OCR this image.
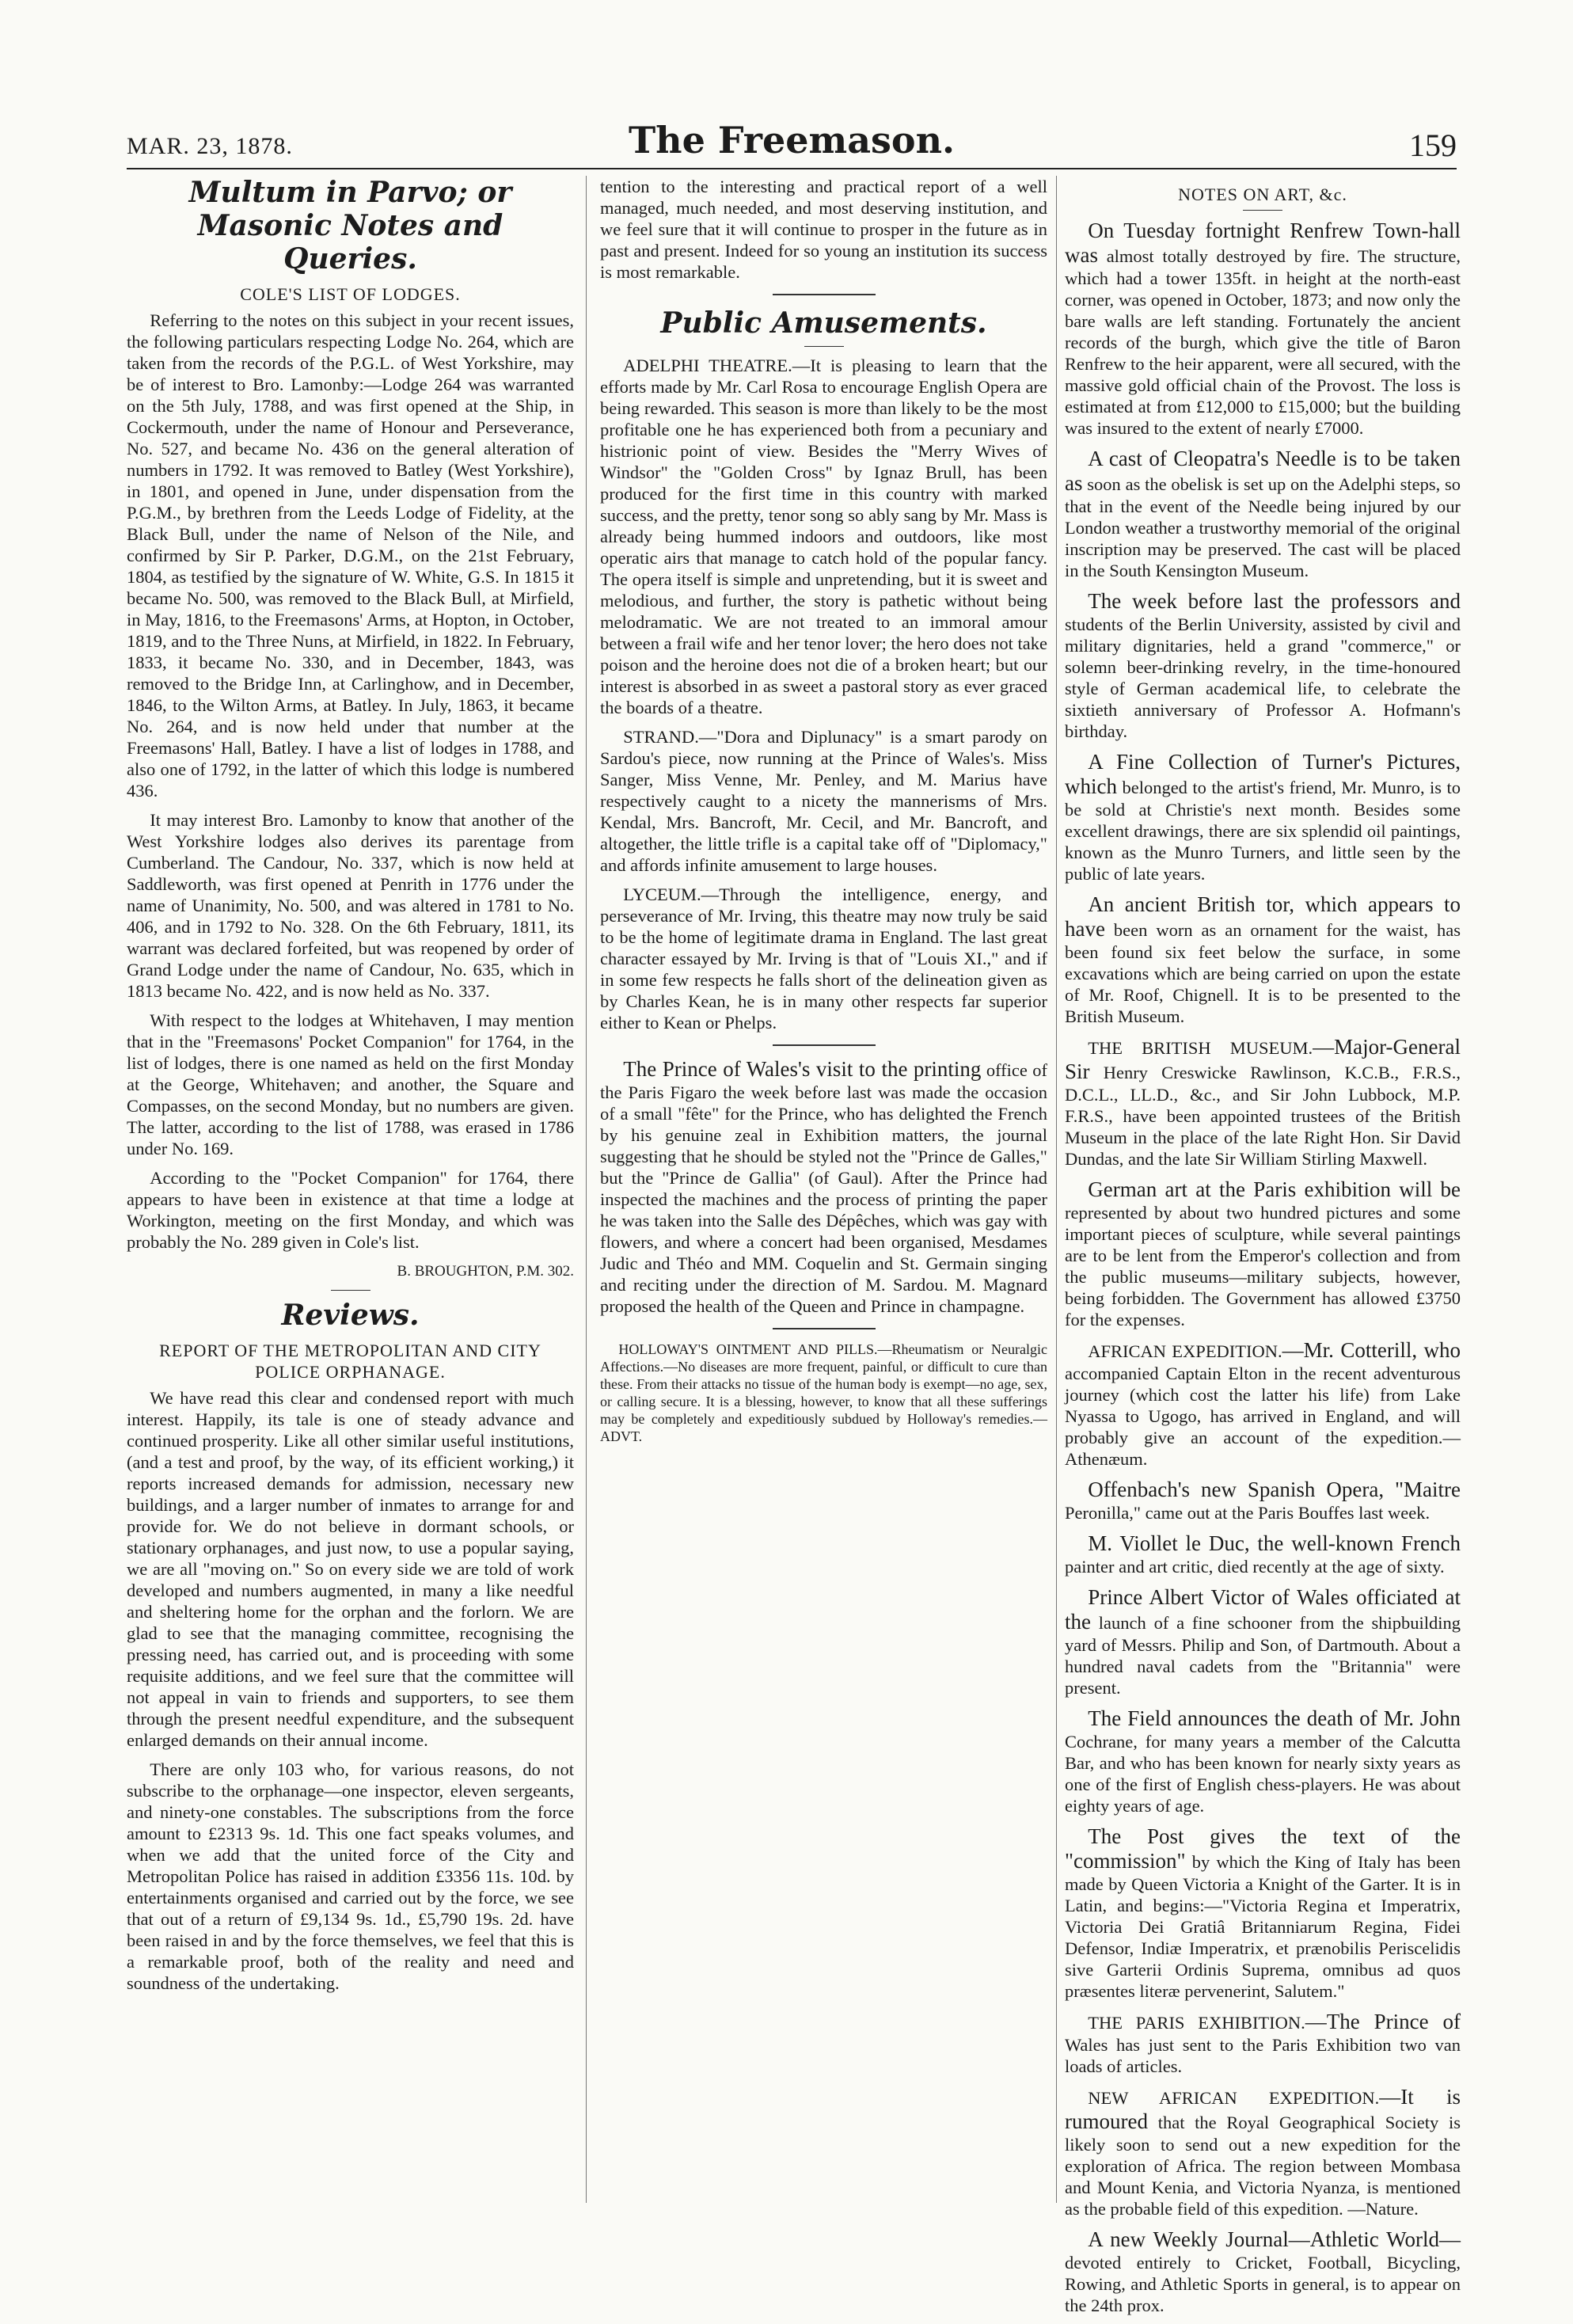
MAR. 23, 1878.	The Freemason.	159
Multum in Parvo; or Masonic Notes and Queries.
COLE'S LIST OF LODGES.

Referring to the notes on this subject in your recent issues, the following particulars respecting Lodge No. 264, which are taken from the records of the P.G.L. of West Yorkshire, may be of interest to Bro. Lamonby:—Lodge 264 was warranted on the 5th July, 1788, and was first opened at the Ship, in Cockermouth, under the name of Honour and Perseverance, No. 527, and became No. 436 on the general alteration of numbers in 1792. It was removed to Batley (West Yorkshire), in 1801, and opened in June, under dispensation from the P.G.M., by brethren from the Leeds Lodge of Fidelity, at the Black Bull, under the name of Nelson of the Nile, and confirmed by Sir P. Parker, D.G.M., on the 21st February, 1804, as testified by the signature of W. White, G.S. In 1815 it became No. 500, was removed to the Black Bull, at Mirfield, in May, 1816, to the Freemasons' Arms, at Hopton, in October, 1819, and to the Three Nuns, at Mirfield, in 1822. In February, 1833, it became No. 330, and in December, 1843, was removed to the Bridge Inn, at Carlinghow, and in December, 1846, to the Wilton Arms, at Batley. In July, 1863, it became No. 264, and is now held under that number at the Freemasons' Hall, Batley. I have a list of lodges in 1788, and also one of 1792, in the latter of which this lodge is numbered 436.

It may interest Bro. Lamonby to know that another of the West Yorkshire lodges also derives its parentage from Cumberland. The Candour, No. 337, which is now held at Saddleworth, was first opened at Penrith in 1776 under the name of Unanimity, No. 500, and was altered in 1781 to No. 406, and in 1792 to No. 328. On the 6th February, 1811, its warrant was declared forfeited, but was reopened by order of Grand Lodge under the name of Candour, No. 635, which in 1813 became No. 422, and is now held as No. 337.

With respect to the lodges at Whitehaven, I may mention that in the "Freemasons' Pocket Companion" for 1764, in the list of lodges, there is one named as held on the first Monday at the George, Whitehaven; and another, the Square and Compasses, on the second Monday, but no numbers are given. The latter, according to the list of 1788, was erased in 1786 under No. 169.

According to the "Pocket Companion" for 1764, there appears to have been in existence at that time a lodge at Workington, meeting on the first Monday, and which was probably the No. 289 given in Cole's list.

B. BROUGHTON, P.M. 302.

Reviews.
REPORT OF THE METROPOLITAN AND CITY POLICE ORPHANAGE.

We have read this clear and condensed report with much interest. Happily, its tale is one of steady advance and continued prosperity. Like all other similar useful institutions, (and a test and proof, by the way, of its efficient working,) it reports increased demands for admission, necessary new buildings, and a larger number of inmates to arrange for and provide for. We do not believe in dormant schools, or stationary orphanages, and just now, to use a popular saying, we are all "moving on." So on every side we are told of work developed and numbers augmented, in many a like needful and sheltering home for the orphan and the forlorn. We are glad to see that the managing committee, recognising the pressing need, has carried out, and is proceeding with some requisite additions, and we feel sure that the committee will not appeal in vain to friends and supporters, to see them through the present needful expenditure, and the subsequent enlarged demands on their annual income.

There are only 103 who, for various reasons, do not subscribe to the orphanage—one inspector, eleven sergeants, and ninety-one constables. The subscriptions from the force amount to £2313 9s. 1d. This one fact speaks volumes, and when we add that the united force of the City and Metropolitan Police has raised in addition £3356 11s. 10d. by entertainments organised and carried out by the force, we see that out of a return of £9,134 9s. 1d., £5,790 19s. 2d. have been raised in and by the force themselves, we feel that this is a remarkable proof, both of the reality and need and soundness of the undertaking.

tention to the interesting and practical report of a well managed, much needed, and most deserving institution, and we feel sure that it will continue to prosper in the future as in past and present. Indeed for so young an institution its success is most remarkable.

Public Amusements.

ADELPHI THEATRE.—It is pleasing to learn that the efforts made by Mr. Carl Rosa to encourage English Opera are being rewarded. This season is more than likely to be the most profitable one he has experienced both from a pecuniary and histrionic point of view. Besides the "Merry Wives of Windsor" the "Golden Cross" by Ignaz Brull, has been produced for the first time in this country with marked success, and the pretty, tenor song so ably sang by Mr. Mass is already being hummed indoors and outdoors, like most operatic airs that manage to catch hold of the popular fancy. The opera itself is simple and unpretending, but it is sweet and melodious, and further, the story is pathetic without being melodramatic. We are not treated to an immoral amour between a frail wife and her tenor lover; the hero does not take poison and the heroine does not die of a broken heart; but our interest is absorbed in as sweet a pastoral story as ever graced the boards of a theatre.

STRAND.—"Dora and Diplunacy" is a smart parody on Sardou's piece, now running at the Prince of Wales's. Miss Sanger, Miss Venne, Mr. Penley, and M. Marius have respectively caught to a nicety the mannerisms of Mrs. Kendal, Mrs. Bancroft, Mr. Cecil, and Mr. Bancroft, and altogether, the little trifle is a capital take off of "Diplomacy," and affords infinite amusement to large houses.

LYCEUM.—Through the intelligence, energy, and perseverance of Mr. Irving, this theatre may now truly be said to be the home of legitimate drama in England. The last great character essayed by Mr. Irving is that of "Louis XI.," and if in some few respects he falls short of the delineation given as by Charles Kean, he is in many other respects far superior either to Kean or Phelps.

The Prince of Wales's visit to the printing office of the Paris Figaro the week before last was made the occasion of a small "fête" for the Prince, who has delighted the French by his genuine zeal in Exhibition matters, the journal suggesting that he should be styled not the "Prince de Galles," but the "Prince de Gallia" (of Gaul). After the Prince had inspected the machines and the process of printing the paper he was taken into the Salle des Dépêches, which was gay with flowers, and where a concert had been organised, Mesdames Judic and Théo and MM. Coquelin and St. Germain singing and reciting under the direction of M. Sardou. M. Magnard proposed the health of the Queen and Prince in champagne.

HOLLOWAY'S OINTMENT AND PILLS.—Rheumatism or Neuralgic Affections.—No diseases are more frequent, painful, or difficult to cure than these. From their attacks no tissue of the human body is exempt—no age, sex, or calling secure. It is a blessing, however, to know that all these sufferings may be completely and expeditiously subdued by Holloway's remedies.—ADVT.

NOTES ON ART, &c.

On Tuesday fortnight Renfrew Town-hall was almost totally destroyed by fire. The structure, which had a tower 135ft. in height at the north-east corner, was opened in October, 1873; and now only the bare walls are left standing. Fortunately the ancient records of the burgh, which give the title of Baron Renfrew to the heir apparent, were all secured, with the massive gold official chain of the Provost. The loss is estimated at from £12,000 to £15,000; but the building was insured to the extent of nearly £7000.

A cast of Cleopatra's Needle is to be taken as soon as the obelisk is set up on the Adelphi steps, so that in the event of the Needle being injured by our London weather a trustworthy memorial of the original inscription may be preserved. The cast will be placed in the South Kensington Museum.

The week before last the professors and students of the Berlin University, assisted by civil and military dignitaries, held a grand "commerce," or solemn beer-drinking revelry, in the time-honoured style of German academical life, to celebrate the sixtieth anniversary of Professor A. Hofmann's birthday.

A Fine Collection of Turner's Pictures, which belonged to the artist's friend, Mr. Munro, is to be sold at Christie's next month. Besides some excellent drawings, there are six splendid oil paintings, known as the Munro Turners, and little seen by the public of late years.

An ancient British tor, which appears to have been worn as an ornament for the waist, has been found six feet below the surface, in some excavations which are being carried on upon the estate of Mr. Roof, Chignell. It is to be presented to the British Museum.

THE BRITISH MUSEUM.—Major-General Sir Henry Creswicke Rawlinson, K.C.B., F.R.S., D.C.L., LL.D., &c., and Sir John Lubbock, M.P. F.R.S., have been appointed trustees of the British Museum in the place of the late Right Hon. Sir David Dundas, and the late Sir William Stirling Maxwell.

German art at the Paris exhibition will be represented by about two hundred pictures and some important pieces of sculpture, while several paintings are to be lent from the Emperor's collection and from the public museums—military subjects, however, being forbidden. The Government has allowed £3750 for the expenses.

AFRICAN EXPEDITION.—Mr. Cotterill, who accompanied Captain Elton in the recent adventurous journey (which cost the latter his life) from Lake Nyassa to Ugogo, has arrived in England, and will probably give an account of the expedition.—Athenæum.

Offenbach's new Spanish Opera, "Maitre Peronilla," came out at the Paris Bouffes last week.

M. Viollet le Duc, the well-known French painter and art critic, died recently at the age of sixty.

Prince Albert Victor of Wales officiated at the launch of a fine schooner from the shipbuilding yard of Messrs. Philip and Son, of Dartmouth. About a hundred naval cadets from the "Britannia" were present.

The Field announces the death of Mr. John Cochrane, for many years a member of the Calcutta Bar, and who has been known for nearly sixty years as one of the first of English chess-players. He was about eighty years of age.

The Post gives the text of the "commission" by which the King of Italy has been made by Queen Victoria a Knight of the Garter. It is in Latin, and begins:—"Victoria Regina et Imperatrix, Victoria Dei Gratiâ Britanniarum Regina, Fidei Defensor, Indiæ Imperatrix, et prænobilis Periscelidis sive Garterii Ordinis Suprema, omnibus ad quos præsentes literæ pervenerint, Salutem."

THE PARIS EXHIBITION.—The Prince of Wales has just sent to the Paris Exhibition two van loads of articles.

NEW AFRICAN EXPEDITION.—It is rumoured that the Royal Geographical Society is likely soon to send out a new expedition for the exploration of Africa. The region between Mombasa and Mount Kenia, and Victoria Nyanza, is mentioned as the probable field of this expedition. —Nature.

A new Weekly Journal—Athletic World— devoted entirely to Cricket, Football, Bicycling, Rowing, and Athletic Sports in general, is to appear on the 24th prox.
